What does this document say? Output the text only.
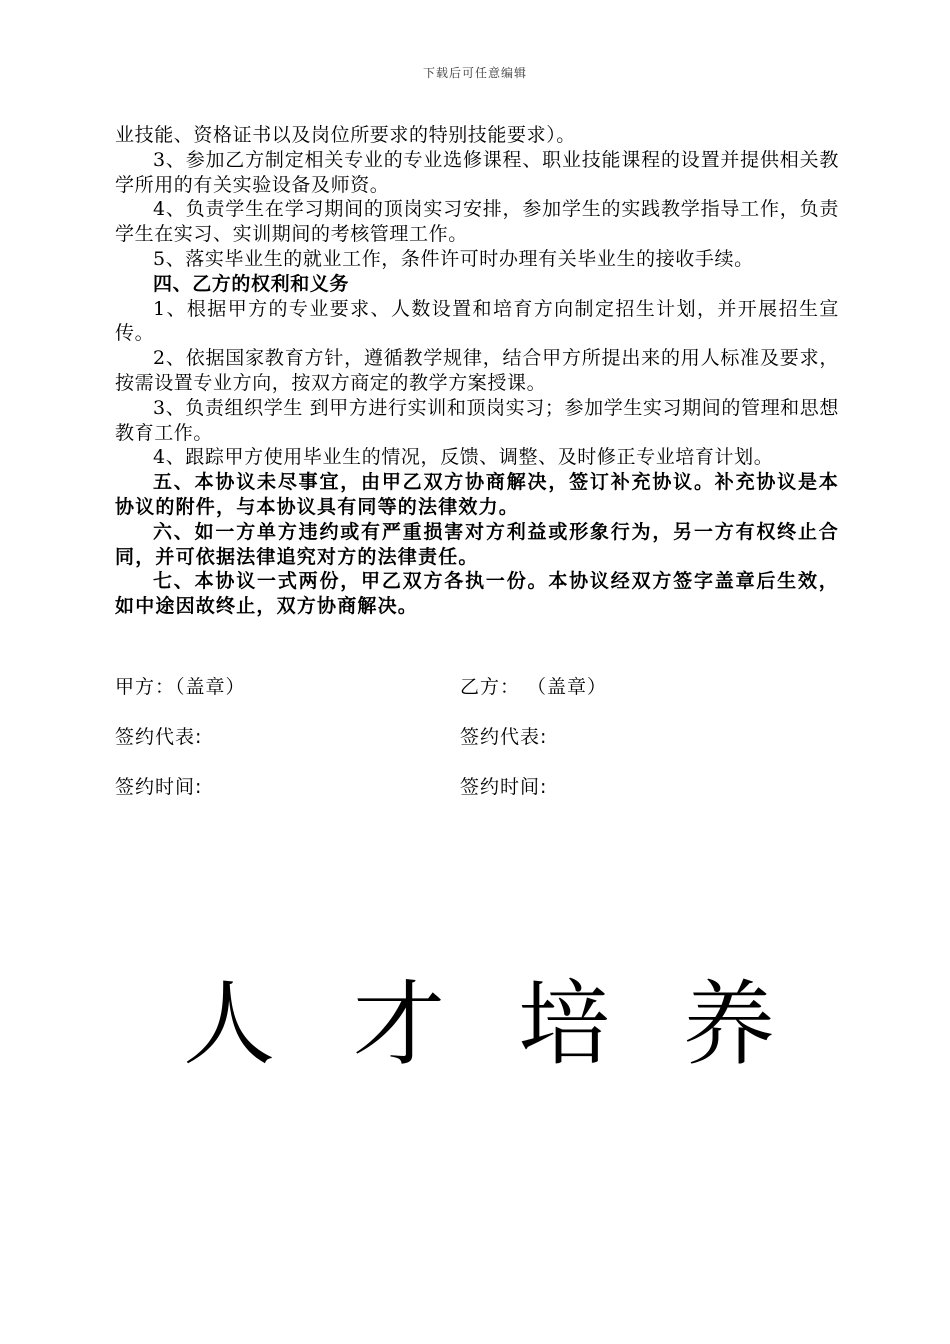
下载后可任意编辑

业技能、资格证书以及岗位所要求的特别技能要求）。

3、参加乙方制定相关专业的专业选修课程、职业技能课程的设置并提供相关教学所用的有关实验设备及师资。

4、负责学生在学习期间的顶岗实习安排，参加学生的实践教学指导工作，负责学生在实习、实训期间的考核管理工作。

5、落实毕业生的就业工作，条件许可时办理有关毕业生的接收手续。

四、乙方的权利和义务

1、根据甲方的专业要求、人数设置和培育方向制定招生计划，并开展招生宣传。

2、依据国家教育方针，遵循教学规律，结合甲方所提出来的用人标准及要求，按需设置专业方向，按双方商定的教学方案授课。

3、负责组织学生 到甲方进行实训和顶岗实习；参加学生实习期间的管理和思想教育工作。

4、跟踪甲方使用毕业生的情况，反馈、调整、及时修正专业培育计划。

五、本协议未尽事宜，由甲乙双方协商解决，签订补充协议。补充协议是本协议的附件，与本协议具有同等的法律效力。

六、如一方单方违约或有严重损害对方利益或形象行为，另一方有权终止合同，并可依据法律追究对方的法律责任。

七、本协议一式两份，甲乙双方各执一份。本协议经双方签字盖章后生效，如中途因故终止，双方协商解决。

甲方：（盖章）	乙方： （盖章）
签约代表:	签约代表:
签约时间:	签约时间:
人 才 培 养
